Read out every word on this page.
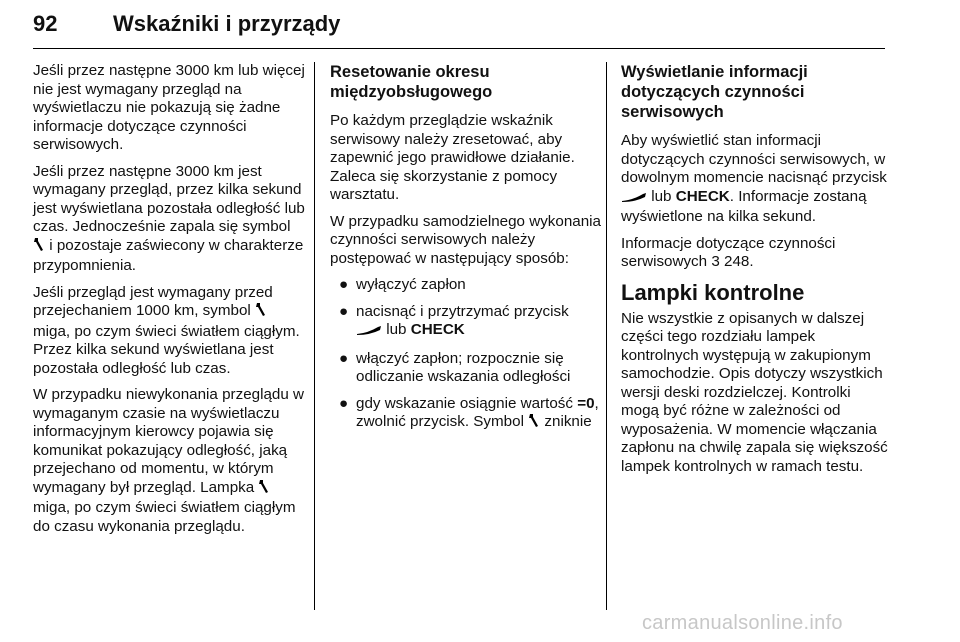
92	Wskaźniki i przyrządy

Jeśli przez następne 3000 km lub więcej nie jest wymagany przegląd na wyświetlaczu nie pokazują się żadne informacje dotyczące czynności serwisowych.

Jeśli przez następne 3000 km jest wymagany przegląd, przez kilka sekund jest wyświetlana pozostała odległość lub czas. Jednocześnie zapala się symbol  i pozostaje zaświecony w charakterze przypomnienia.

Jeśli przegląd jest wymagany przed przejechaniem 1000 km, symbol  miga, po czym świeci światłem ciągłym. Przez kilka sekund wyświetlana jest pozostała odległość lub czas.

W przypadku niewykonania przeglądu w wymaganym czasie na wyświetlaczu informacyjnym kierowcy pojawia się komunikat pokazujący odległość, jaką przejechano od momentu, w którym wymagany był przegląd. Lampka  miga, po czym świeci światłem ciągłym do czasu wykonania przeglądu.

Resetowanie okresu międzyobsługowego

Po każdym przeglądzie wskaźnik serwisowy należy zresetować, aby zapewnić jego prawidłowe działanie. Zaleca się skorzystanie z pomocy warsztatu.

W przypadku samodzielnego wykonania czynności serwisowych należy postępować w następujący sposób:

● wyłączyć zapłon
● nacisnąć i przytrzymać przycisk
lub CHECK
● włączyć zapłon; rozpocznie się odliczanie wskazania odległości
● gdy wskazanie osiągnie wartość =0, zwolnić przycisk. Symbol zniknie
Wyświetlanie informacji dotyczących czynności serwisowych

Aby wyświetlić stan informacji dotyczących czynności serwisowych, w dowolnym momencie nacisnąć przycisk  lub CHECK. Informacje zostaną wyświetlone na kilka sekund.

Informacje dotyczące czynności serwisowych 3 248.

Lampki kontrolne

Nie wszystkie z opisanych w dalszej części tego rozdziału lampek kontrolnych występują w zakupionym samochodzie. Opis dotyczy wszystkich wersji deski rozdzielczej. Kontrolki mogą być różne w zależności od wyposażenia. W momencie włączania zapłonu na chwilę zapala się większość lampek kontrolnych w ramach testu.

carmanualsonline.info
